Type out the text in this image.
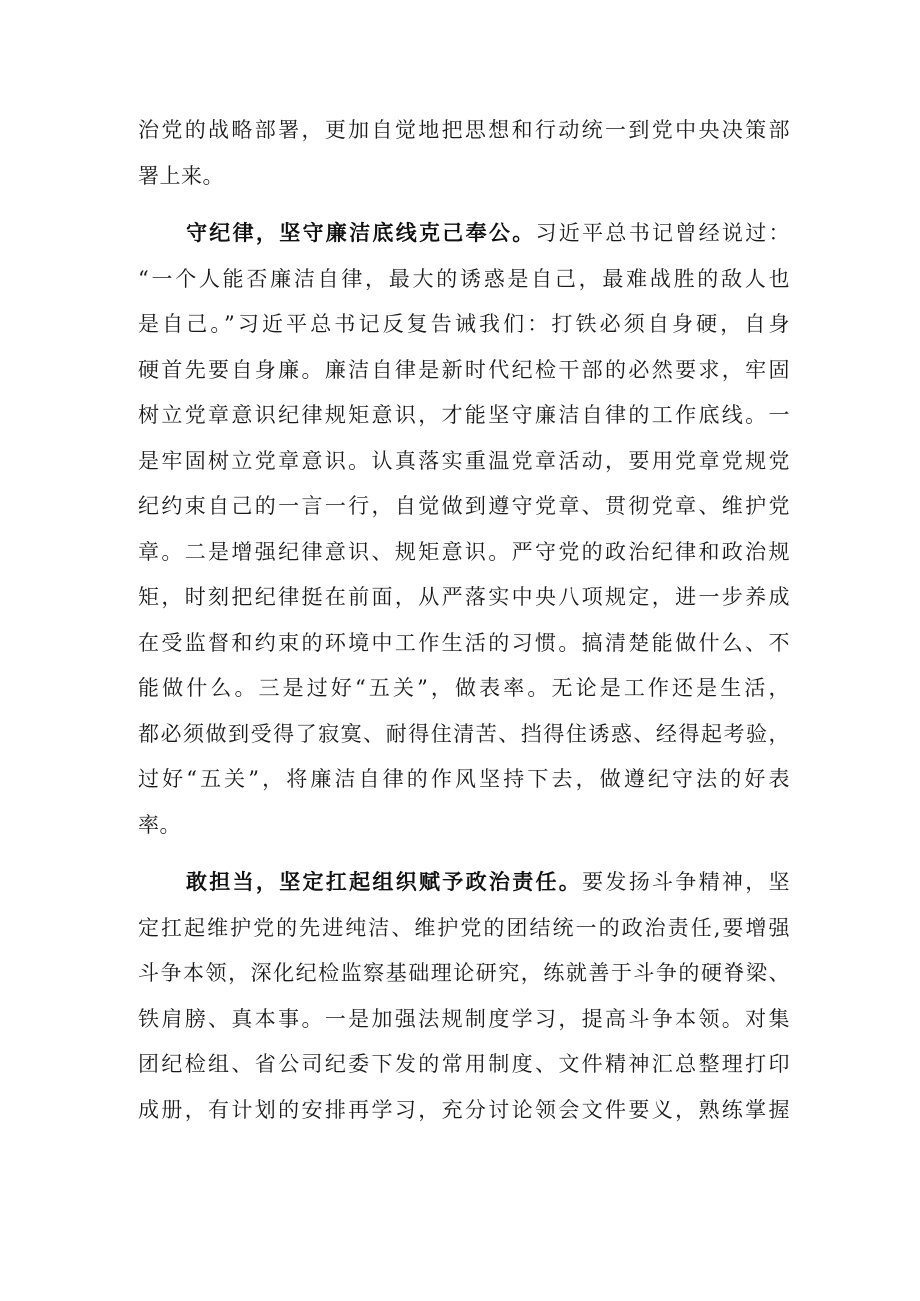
治党的战略部署，更加自觉地把思想和行动统一到党中央决策部
署上来。
守纪律，坚守廉洁底线克己奉公。习近平总书记曾经说过：
“一个人能否廉洁自律，最大的诱惑是自己，最难战胜的敌人也
是自己。”习近平总书记反复告诫我们：打铁必须自身硬，自身
硬首先要自身廉。廉洁自律是新时代纪检干部的必然要求，牢固
树立党章意识纪律规矩意识，才能坚守廉洁自律的工作底线。一
是牢固树立党章意识。认真落实重温党章活动，要用党章党规党
纪约束自己的一言一行，自觉做到遵守党章、贯彻党章、维护党
章。二是增强纪律意识、规矩意识。严守党的政治纪律和政治规
矩，时刻把纪律挺在前面，从严落实中央八项规定，进一步养成
在受监督和约束的环境中工作生活的习惯。搞清楚能做什么、不
能做什么。三是过好“五关”，做表率。无论是工作还是生活，
都必须做到受得了寂寞、耐得住清苦、挡得住诱惑、经得起考验，
过好“五关”，将廉洁自律的作风坚持下去，做遵纪守法的好表
率。
敢担当，坚定扛起组织赋予政治责任。要发扬斗争精神，坚
定扛起维护党的先进纯洁、维护党的团结统一的政治责任,要增强
斗争本领，深化纪检监察基础理论研究，练就善于斗争的硬脊梁、
铁肩膀、真本事。一是加强法规制度学习，提高斗争本领。对集
团纪检组、省公司纪委下发的常用制度、文件精神汇总整理打印
成册，有计划的安排再学习，充分讨论领会文件要义，熟练掌握
